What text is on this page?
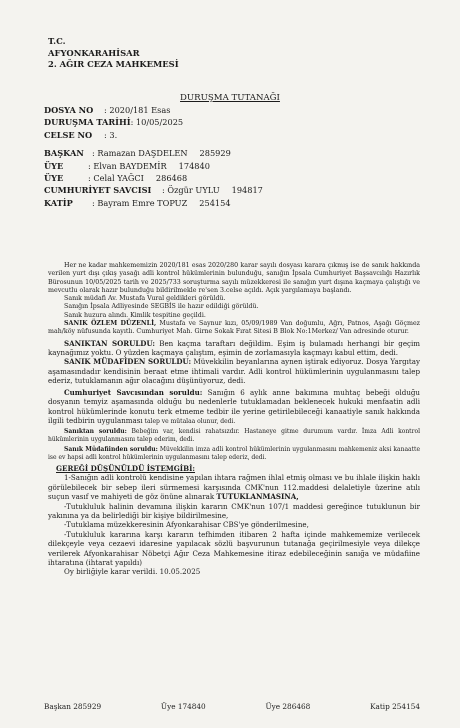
T.C.
AFYONKARAHİSAR
2. AĞIR CEZA MAHKEMESİ
DURUŞMA TUTANAĞI
DOSYA NO : 2020/181 Esas
DURUŞMA TARİHİ: 10/05/2025
CELSE NO : 3.
BAŞKAN : Ramazan DAŞDELEN 285929
ÜYE	: Elvan BAYDEMİR 174840
ÜYE	: Celal YAĞCI 286468
CUMHURİYET SAVCISI : Özgür UYLU 194817
KATİP : Bayram Emre TOPUZ 254154

Her ne kadar mahkememizin 2020/181 esas 2020/280 karar sayılı dosyası karara çıkmış ise de sanık hakkında verilen yurt dışı çıkış yasağı adli kontrol hükümlerinin bulunduğu, sanığın İpsala Cumhuriyet Başsavcılığı Hazırlık Bürosunun 10/05/2025 tarih ve 2025/733 soruşturma sayılı müzekkeresi ile sanığın yurt dışına kaçmaya çalıştığı ve mevcutlu olarak hazır bulunduğu bildirilmekle re'sen 3.celse açıldı. Açık yargılamaya başlandı.

Sanık müdafi Av. Mustafa Vural geldikleri görüldü.

Sanığın İpsala Adliyesinde SEGBİS ile hazır edildiği görüldü.

Sanık huzura alındı. Kimlik tespitine geçildi.

SANIK ÖZLEM DÜZENLİ, Mustafa ve Saynur kızı, 05/09/1989 Van doğumlu, Ağrı, Patnos, Aşağı Göçmez mah/köy nüfusunda kayıtlı. Cumhuriyet Mah. Girne Sokak Fırat Sitesi B Blok No:1Merkez/ Van adresinde oturur.

SANIKTAN SORULDU: Ben kaçma taraftarı değildim. Eşim iş bulamadı herhangi bir geçim kaynağımız yoktu. O yüzden kaçmaya çalıştım, eşimin de zorlamasıyla kaçmayı kabul ettim, dedi.

SANIK MÜDAFİDEN SORULDU: Müvekkilin beyanlarına aynen iştirak ediyoruz. Dosya Yargıtay aşamasındadır kendisinin beraat etme ihtimali vardır. Adli kontrol hükümlerinin uygulanmasını talep ederiz, tutuklamanın ağır olacağını düşünüyoruz, dedi.

Cumhuriyet Savcısından soruldu: Sanığın 6 aylık anne bakımına muhtaç bebeği olduğu dosyanın temyiz aşamasında olduğu bu nedenlerle tutuklamadan beklenecek hukuki menfaatin adli kontrol hükümlerinde konutu terk etmeme tedbir ile yerine getirilebileceği kanaatiyle sanık hakkında ilgili tedbirin uygulanması talep ve mütalaa olunur, dedi.

Sanıktan soruldu: Bebeğim var, kendisi rahatsızdır. Hastaneye gitme durumum vardır. İmza Adli kontrol hükümlerinin uygulanmasını talep ederim, dedi.

Sanık Müdafiinden soruldu: Müvekkilin imza adli kontrol hükümlerinin uygulanmasını mahkemeniz aksi kanaatte ise ev hapsi adli kontrol hükümlerinin uygulanmasını talep ederiz, dedi.

GEREĞİ DÜŞÜNÜLDÜ İSTEMGİBİ:

1-Sanığın adli kontrolü kendisine yapılan ihtara rağmen ihlal etmiş olması ve bu ihlale ilişkin haklı görülebilecek bir sebep ileri sürmemesi karşısında CMK'nun 112.maddesi delaletiyle üzerine atılı suçun vasıf ve mahiyeti de göz önüne alınarak TUTUKLANMASINA,

-Tutukluluk halinin devamına ilişkin kararın CMK'nun 107/1 maddesi gereğince tutuklunun bir yakınına ya da belirlediği bir kişiye bildirilmesine,

-Tutuklama müzekkeresinin Afyonkarahisar CBS'ye gönderilmesine,

-Tutukluluk kararına karşı kararın tefhimden itibaren 2 hafta içinde mahkememize verilecek dilekçeyle veya cezaevi idaresine yapılacak sözlü başvurunun tutanağa geçirilmesiyle veya dilekçe verilerek Afyonkarahisar Nöbetçi Ağır Ceza Mahkemesine itiraz edebileceğinin sanığa ve müdafiine ihtaratına (ihtarat yapıldı)

Oy birliğiyle karar verildi. 10.05.2025

Başkan 285929	Üye 174840	Üye 286468	Katip 254154
